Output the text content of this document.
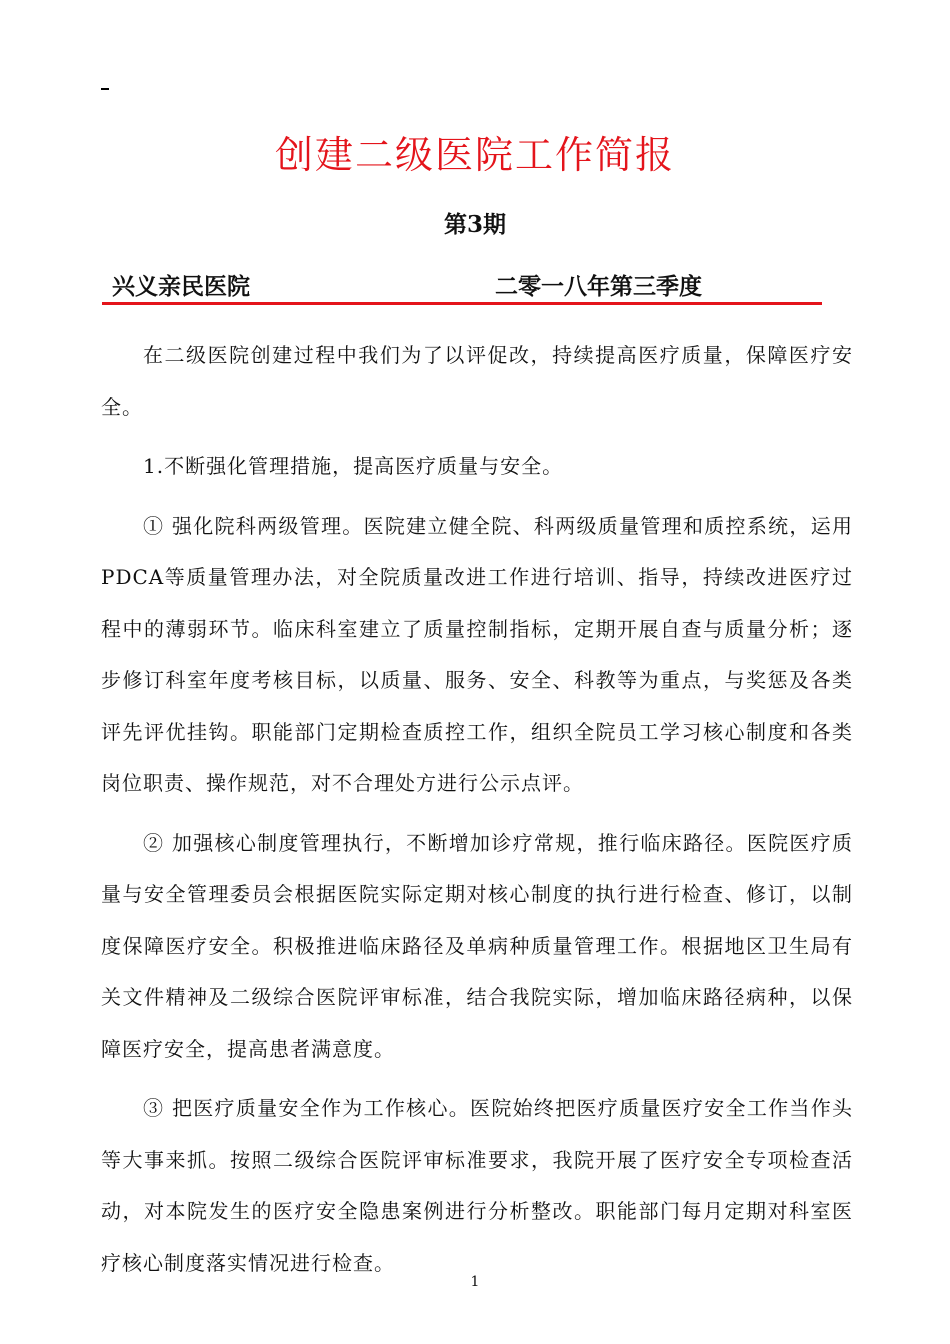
创建二级医院工作简报
第3期
兴义亲民医院	二零一八年第三季度

在二级医院创建过程中我们为了以评促改，持续提高医疗质量，保障医疗安全。

1.不断强化管理措施，提高医疗质量与安全。

① 强化院科两级管理。医院建立健全院、科两级质量管理和质控系统，运用PDCA等质量管理办法，对全院质量改进工作进行培训、指导，持续改进医疗过程中的薄弱环节。临床科室建立了质量控制指标，定期开展自查与质量分析；逐步修订科室年度考核目标，以质量、服务、安全、科教等为重点，与奖惩及各类评先评优挂钩。职能部门定期检查质控工作，组织全院员工学习核心制度和各类岗位职责、操作规范，对不合理处方进行公示点评。

② 加强核心制度管理执行，不断增加诊疗常规，推行临床路径。医院医疗质量与安全管理委员会根据医院实际定期对核心制度的执行进行检查、修订，以制度保障医疗安全。积极推进临床路径及单病种质量管理工作。根据地区卫生局有关文件精神及二级综合医院评审标准，结合我院实际，增加临床路径病种，以保障医疗安全，提高患者满意度。

③ 把医疗质量安全作为工作核心。医院始终把医疗质量医疗安全工作当作头等大事来抓。按照二级综合医院评审标准要求，我院开展了医疗安全专项检查活动，对本院发生的医疗安全隐患案例进行分析整改。职能部门每月定期对科室医疗核心制度落实情况进行检查。

1
